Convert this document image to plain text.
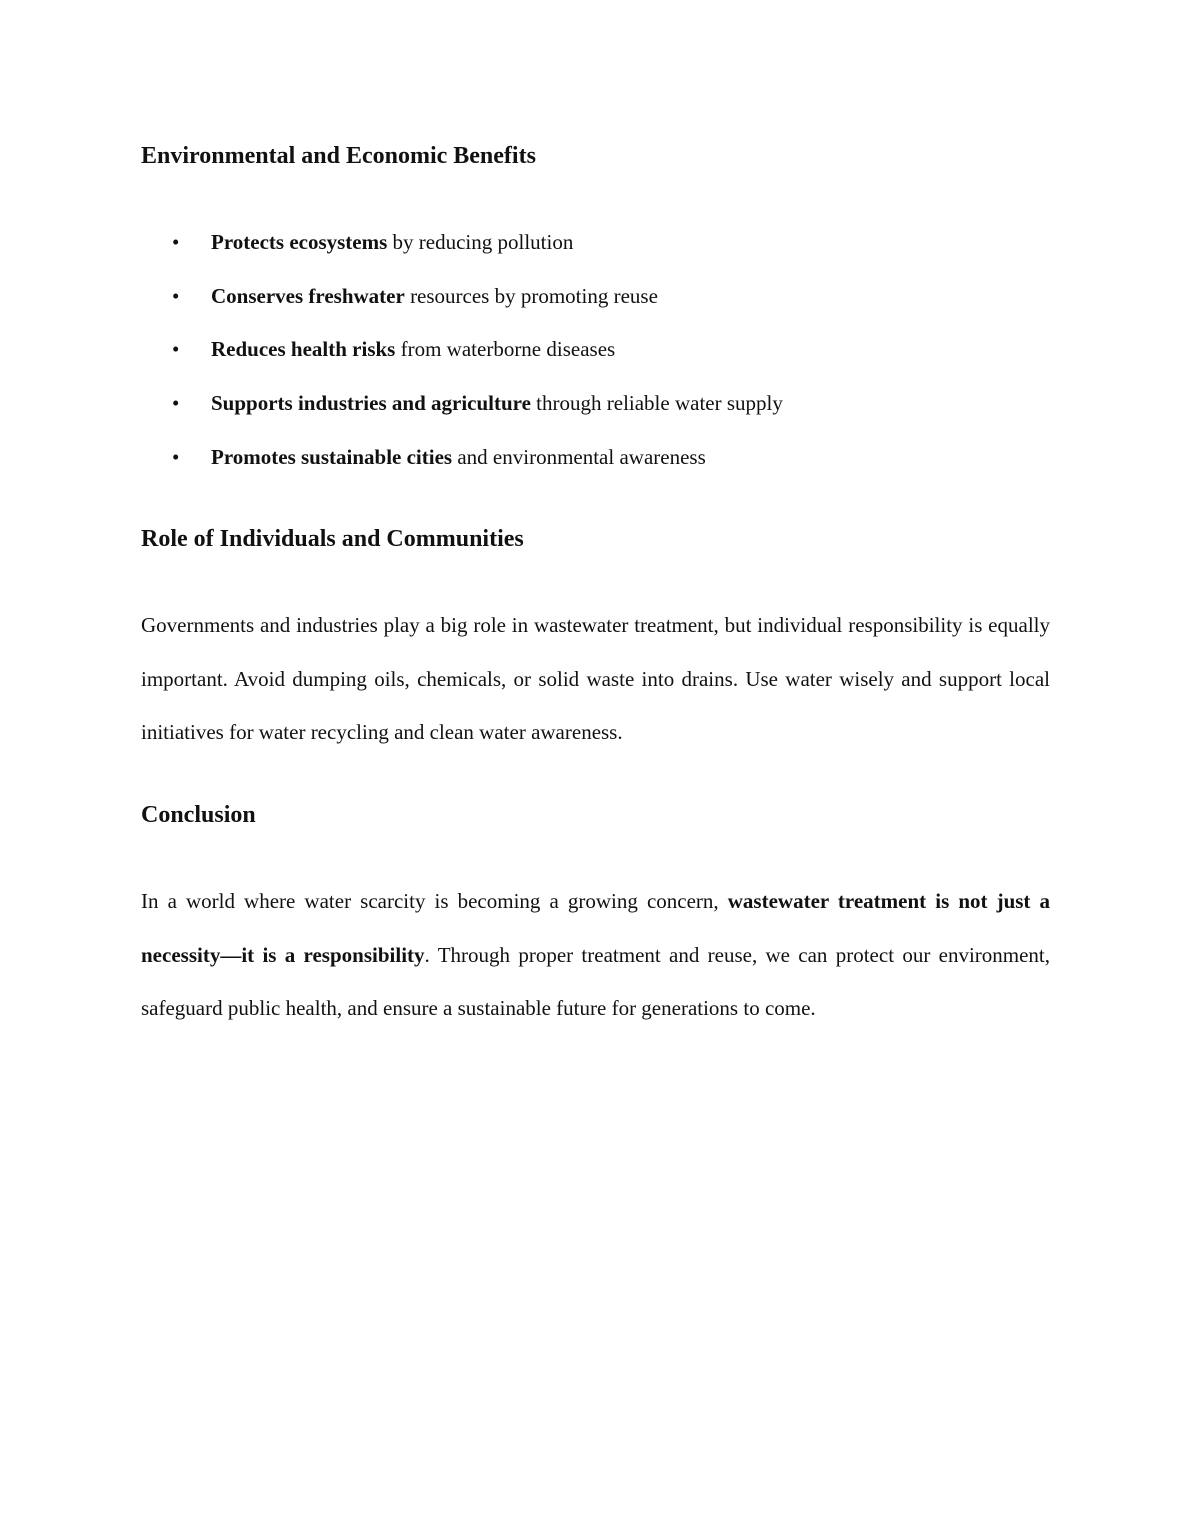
Environmental and Economic Benefits
• Protects ecosystems by reducing pollution
• Conserves freshwater resources by promoting reuse
• Reduces health risks from waterborne diseases
• Supports industries and agriculture through reliable water supply
• Promotes sustainable cities and environmental awareness
Role of Individuals and Communities

Governments and industries play a big role in wastewater treatment, but individual responsibility is equally important. Avoid dumping oils, chemicals, or solid waste into drains. Use water wisely and support local initiatives for water recycling and clean water awareness.

Conclusion

In a world where water scarcity is becoming a growing concern, wastewater treatment is not just a necessity—it is a responsibility. Through proper treatment and reuse, we can protect our environment, safeguard public health, and ensure a sustainable future for generations to come.
